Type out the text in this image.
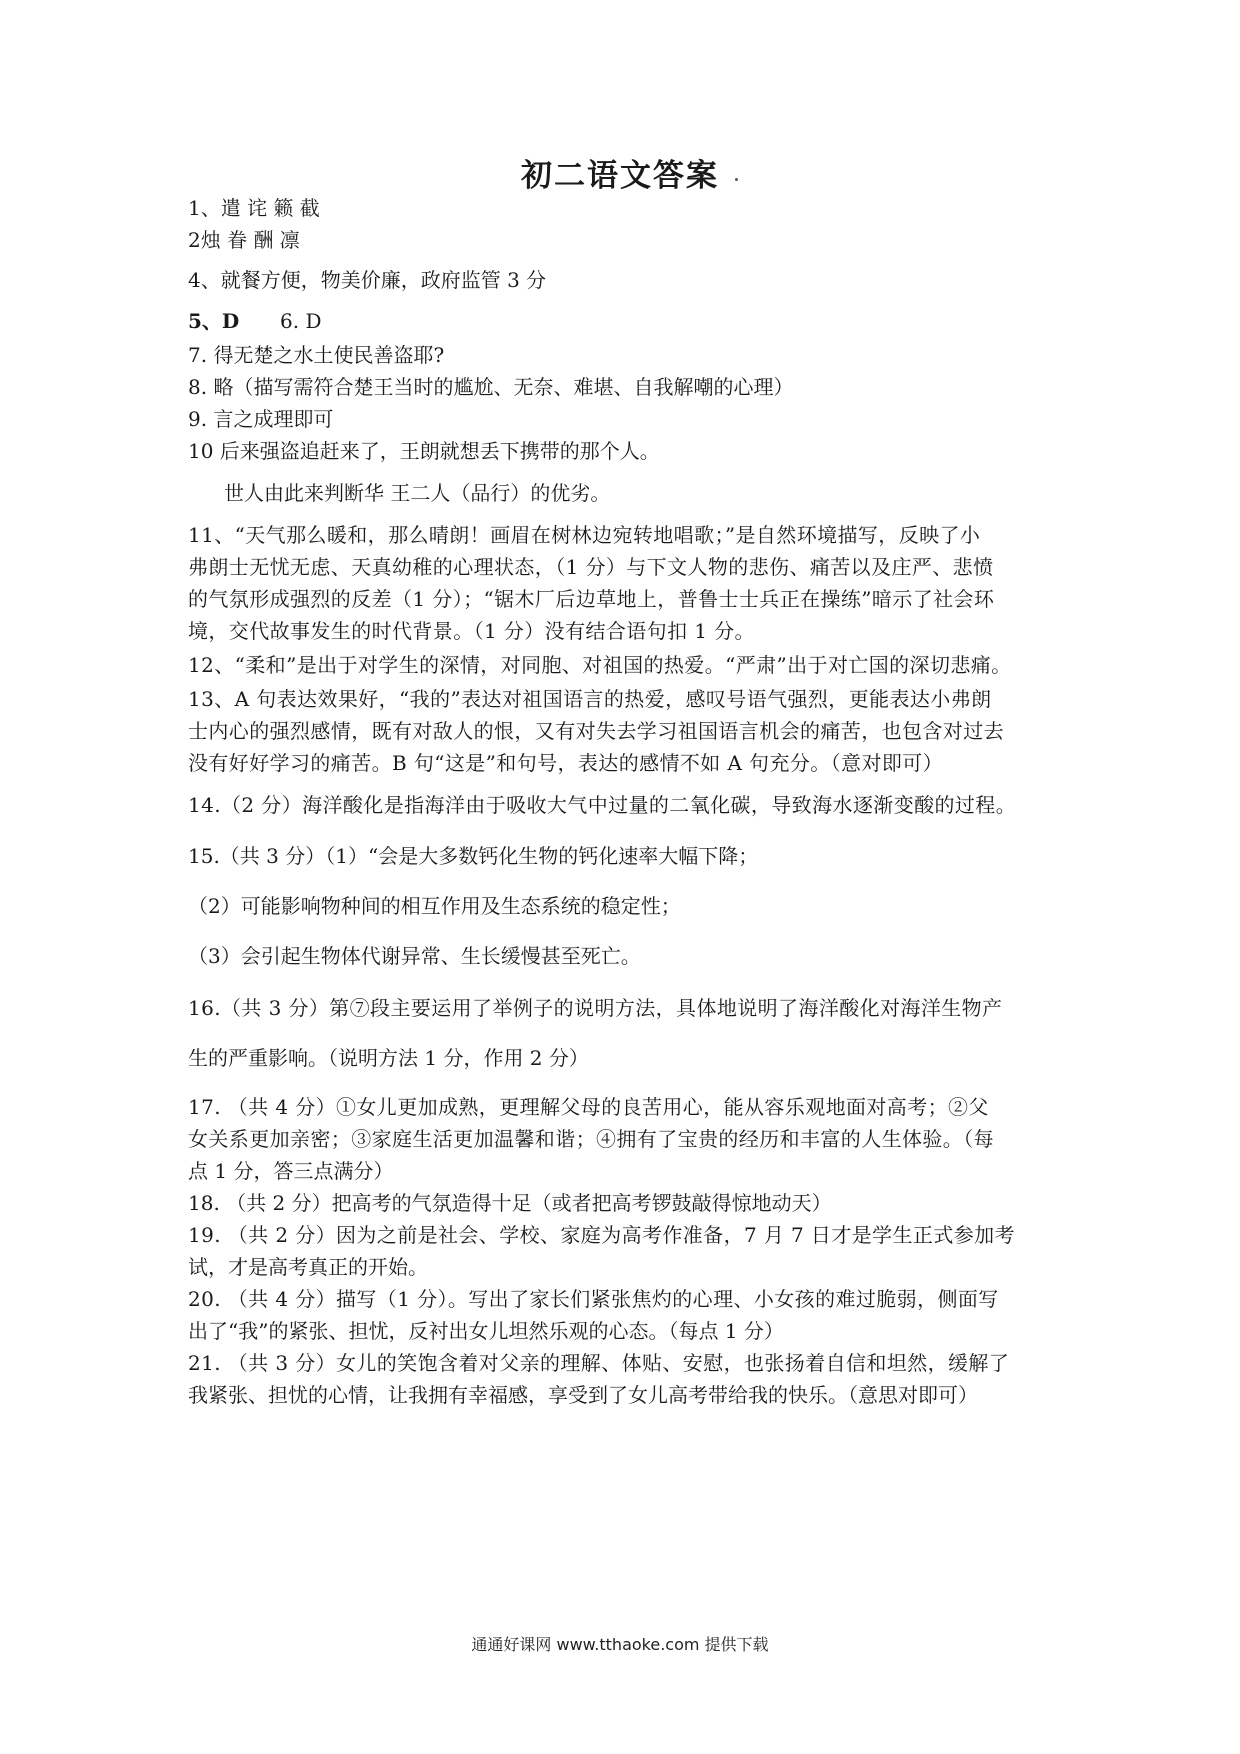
初二语文答案
1、遣 诧 籁 截
2烛 眷 酬 凛
4、就餐方便，物美价廉，政府监管 3 分
5、D	6. D
7. 得无楚之水土使民善盗耶?
8. 略（描写需符合楚王当时的尴尬、无奈、难堪、自我解嘲的心理）
9. 言之成理即可
10 后来强盗追赶来了，王朗就想丢下携带的那个人。
世人由此来判断华 王二人（品行）的优劣。
11、“天气那么暖和，那么晴朗！画眉在树林边宛转地唱歌；”是自然环境描写，反映了小
弗朗士无忧无虑、天真幼稚的心理状态，（1 分）与下文人物的悲伤、痛苦以及庄严、悲愤
的气氛形成强烈的反差（1 分）；“锯木厂后边草地上，普鲁士士兵正在操练”暗示了社会环
境，交代故事发生的时代背景。（1 分）没有结合语句扣 1 分。
12、“柔和”是出于对学生的深情，对同胞、对祖国的热爱。“严肃”出于对亡国的深切悲痛。
13、A 句表达效果好，“我的”表达对祖国语言的热爱，感叹号语气强烈，更能表达小弗朗
士内心的强烈感情，既有对敌人的恨，又有对失去学习祖国语言机会的痛苦，也包含对过去
没有好好学习的痛苦。B 句“这是”和句号，表达的感情不如 A 句充分。（意对即可）
14.（2 分）海洋酸化是指海洋由于吸收大气中过量的二氧化碳，导致海水逐渐变酸的过程。
15.（共 3 分）（1）“会是大多数钙化生物的钙化速率大幅下降；
（2）可能影响物种间的相互作用及生态系统的稳定性；
（3）会引起生物体代谢异常、生长缓慢甚至死亡。
16.（共 3 分）第⑦段主要运用了举例子的说明方法，具体地说明了海洋酸化对海洋生物产
生的严重影响。（说明方法 1 分，作用 2 分）
17. （共 4 分）①女儿更加成熟，更理解父母的良苦用心，能从容乐观地面对高考；②父
女关系更加亲密；③家庭生活更加温馨和谐；④拥有了宝贵的经历和丰富的人生体验。（每
点 1 分，答三点满分）
18. （共 2 分）把高考的气氛造得十足（或者把高考锣鼓敲得惊地动天）
19. （共 2 分）因为之前是社会、学校、家庭为高考作准备，7 月 7 日才是学生正式参加考
试，才是高考真正的开始。
20. （共 4 分）描写（1 分）。写出了家长们紧张焦灼的心理、小女孩的难过脆弱，侧面写
出了“我”的紧张、担忧，反衬出女儿坦然乐观的心态。（每点 1 分）
21. （共 3 分）女儿的笑饱含着对父亲的理解、体贴、安慰，也张扬着自信和坦然，缓解了
我紧张、担忧的心情，让我拥有幸福感，享受到了女儿高考带给我的快乐。（意思对即可）
通通好课网 www.tthaoke.com 提供下载
